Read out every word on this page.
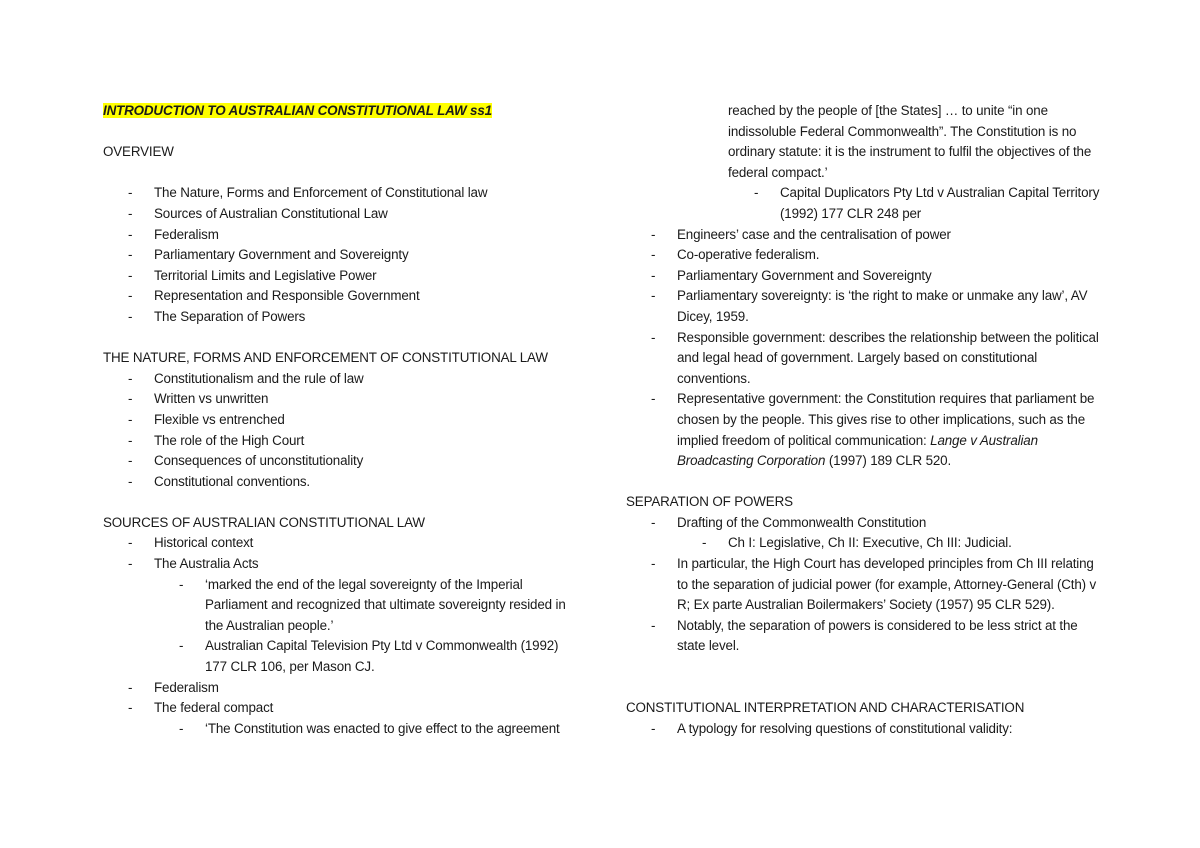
INTRODUCTION TO AUSTRALIAN CONSTITUTIONAL LAW ss1
OVERVIEW
- The Nature, Forms and Enforcement of Constitutional law
- Sources of Australian Constitutional Law
- Federalism
- Parliamentary Government and Sovereignty
- Territorial Limits and Legislative Power
- Representation and Responsible Government
- The Separation of Powers
THE NATURE, FORMS AND ENFORCEMENT OF CONSTITUTIONAL LAW
- Constitutionalism and the rule of law
- Written vs unwritten
- Flexible vs entrenched
- The role of the High Court
- Consequences of unconstitutionality
- Constitutional conventions.
SOURCES OF AUSTRALIAN CONSTITUTIONAL LAW
- Historical context
- The Australia Acts
- ‘marked the end of the legal sovereignty of the Imperial
Parliament and recognized that ultimate sovereignty resided in
the Australian people.’
- Australian Capital Television Pty Ltd v Commonwealth (1992)
177 CLR 106, per Mason CJ.
- Federalism
- The federal compact
- ‘The Constitution was enacted to give effect to the agreement
reached by the people of [the States] … to unite “in one
indissoluble Federal Commonwealth”. The Constitution is no
ordinary statute: it is the instrument to fulfil the objectives of the
federal compact.’
- Capital Duplicators Pty Ltd v Australian Capital Territory
(1992) 177 CLR 248 per
- Engineers’ case and the centralisation of power
- Co-operative federalism.
- Parliamentary Government and Sovereignty
- Parliamentary sovereignty: is ‘the right to make or unmake any law’, AV
Dicey, 1959.
- Responsible government: describes the relationship between the political
and legal head of government. Largely based on constitutional
conventions.
- Representative government: the Constitution requires that parliament be
chosen by the people. This gives rise to other implications, such as the
implied freedom of political communication: Lange v Australian
Broadcasting Corporation (1997) 189 CLR 520.
SEPARATION OF POWERS
- Drafting of the Commonwealth Constitution
- Ch I: Legislative, Ch II: Executive, Ch III: Judicial.
- In particular, the High Court has developed principles from Ch III relating
to the separation of judicial power (for example, Attorney-General (Cth) v
R; Ex parte Australian Boilermakers’ Society (1957) 95 CLR 529).
- Notably, the separation of powers is considered to be less strict at the
state level.
CONSTITUTIONAL INTERPRETATION AND CHARACTERISATION
- A typology for resolving questions of constitutional validity:
